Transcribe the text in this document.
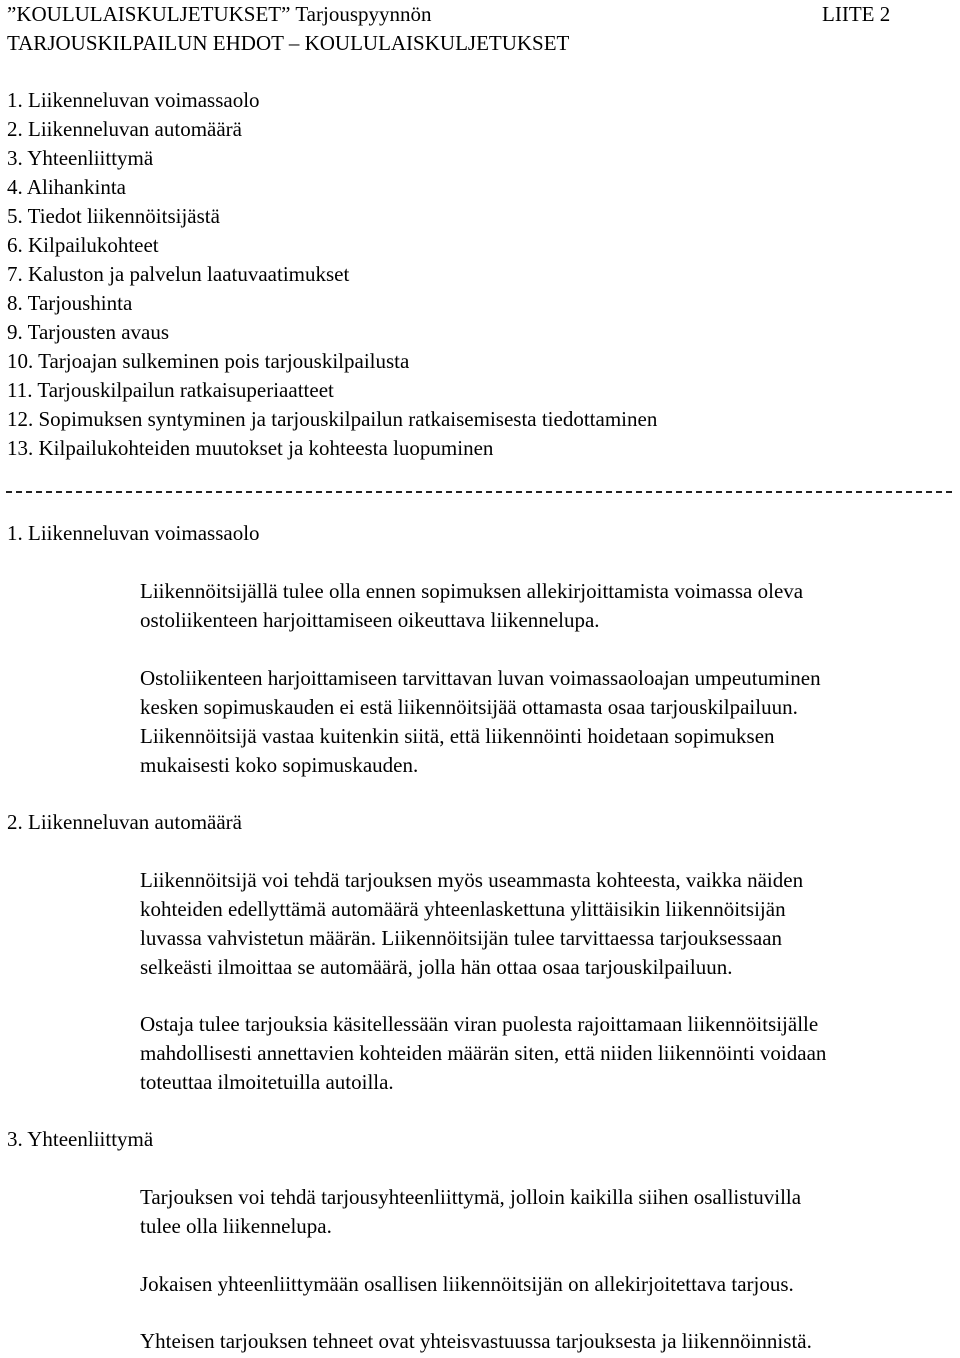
”KOULULAISKULJETUKSET” Tarjouspyynnön	LIITE 2
TARJOUSKILPAILUN EHDOT – KOULULAISKULJETUKSET
1. Liikenneluvan voimassaolo
2. Liikenneluvan automäärä
3. Yhteenliittymä
4. Alihankinta
5. Tiedot liikennöitsijästä
6. Kilpailukohteet
7. Kaluston ja palvelun laatuvaatimukset
8. Tarjoushinta
9. Tarjousten avaus
10. Tarjoajan sulkeminen pois tarjouskilpailusta
11. Tarjouskilpailun ratkaisuperiaatteet
12. Sopimuksen syntyminen ja tarjouskilpailun ratkaisemisesta tiedottaminen
13. Kilpailukohteiden muutokset ja kohteesta luopuminen
1. Liikenneluvan voimassaolo

Liikennöitsijällä tulee olla ennen sopimuksen allekirjoittamista voimassa oleva
ostoliikenteen harjoittamiseen oikeuttava liikennelupa.

Ostoliikenteen harjoittamiseen tarvittavan luvan voimassaoloajan umpeutuminen
kesken sopimuskauden ei estä liikennöitsijää ottamasta osaa tarjouskilpailuun.
Liikennöitsijä vastaa kuitenkin siitä, että liikennöinti hoidetaan sopimuksen
mukaisesti koko sopimuskauden.

2. Liikenneluvan automäärä

Liikennöitsijä voi tehdä tarjouksen myös useammasta kohteesta, vaikka näiden
kohteiden edellyttämä automäärä yhteenlaskettuna ylittäisikin liikennöitsijän
luvassa vahvistetun määrän. Liikennöitsijän tulee tarvittaessa tarjouksessaan
selkeästi ilmoittaa se automäärä, jolla hän ottaa osaa tarjouskilpailuun.

Ostaja tulee tarjouksia käsitellessään viran puolesta rajoittamaan liikennöitsijälle
mahdollisesti annettavien kohteiden määrän siten, että niiden liikennöinti voidaan
toteuttaa ilmoitetuilla autoilla.

3. Yhteenliittymä

Tarjouksen voi tehdä tarjousyhteenliittymä, jolloin kaikilla siihen osallistuvilla
tulee olla liikennelupa.

Jokaisen yhteenliittymään osallisen liikennöitsijän on allekirjoitettava tarjous.

Yhteisen tarjouksen tehneet ovat yhteisvastuussa tarjouksesta ja liikennöinnistä.
